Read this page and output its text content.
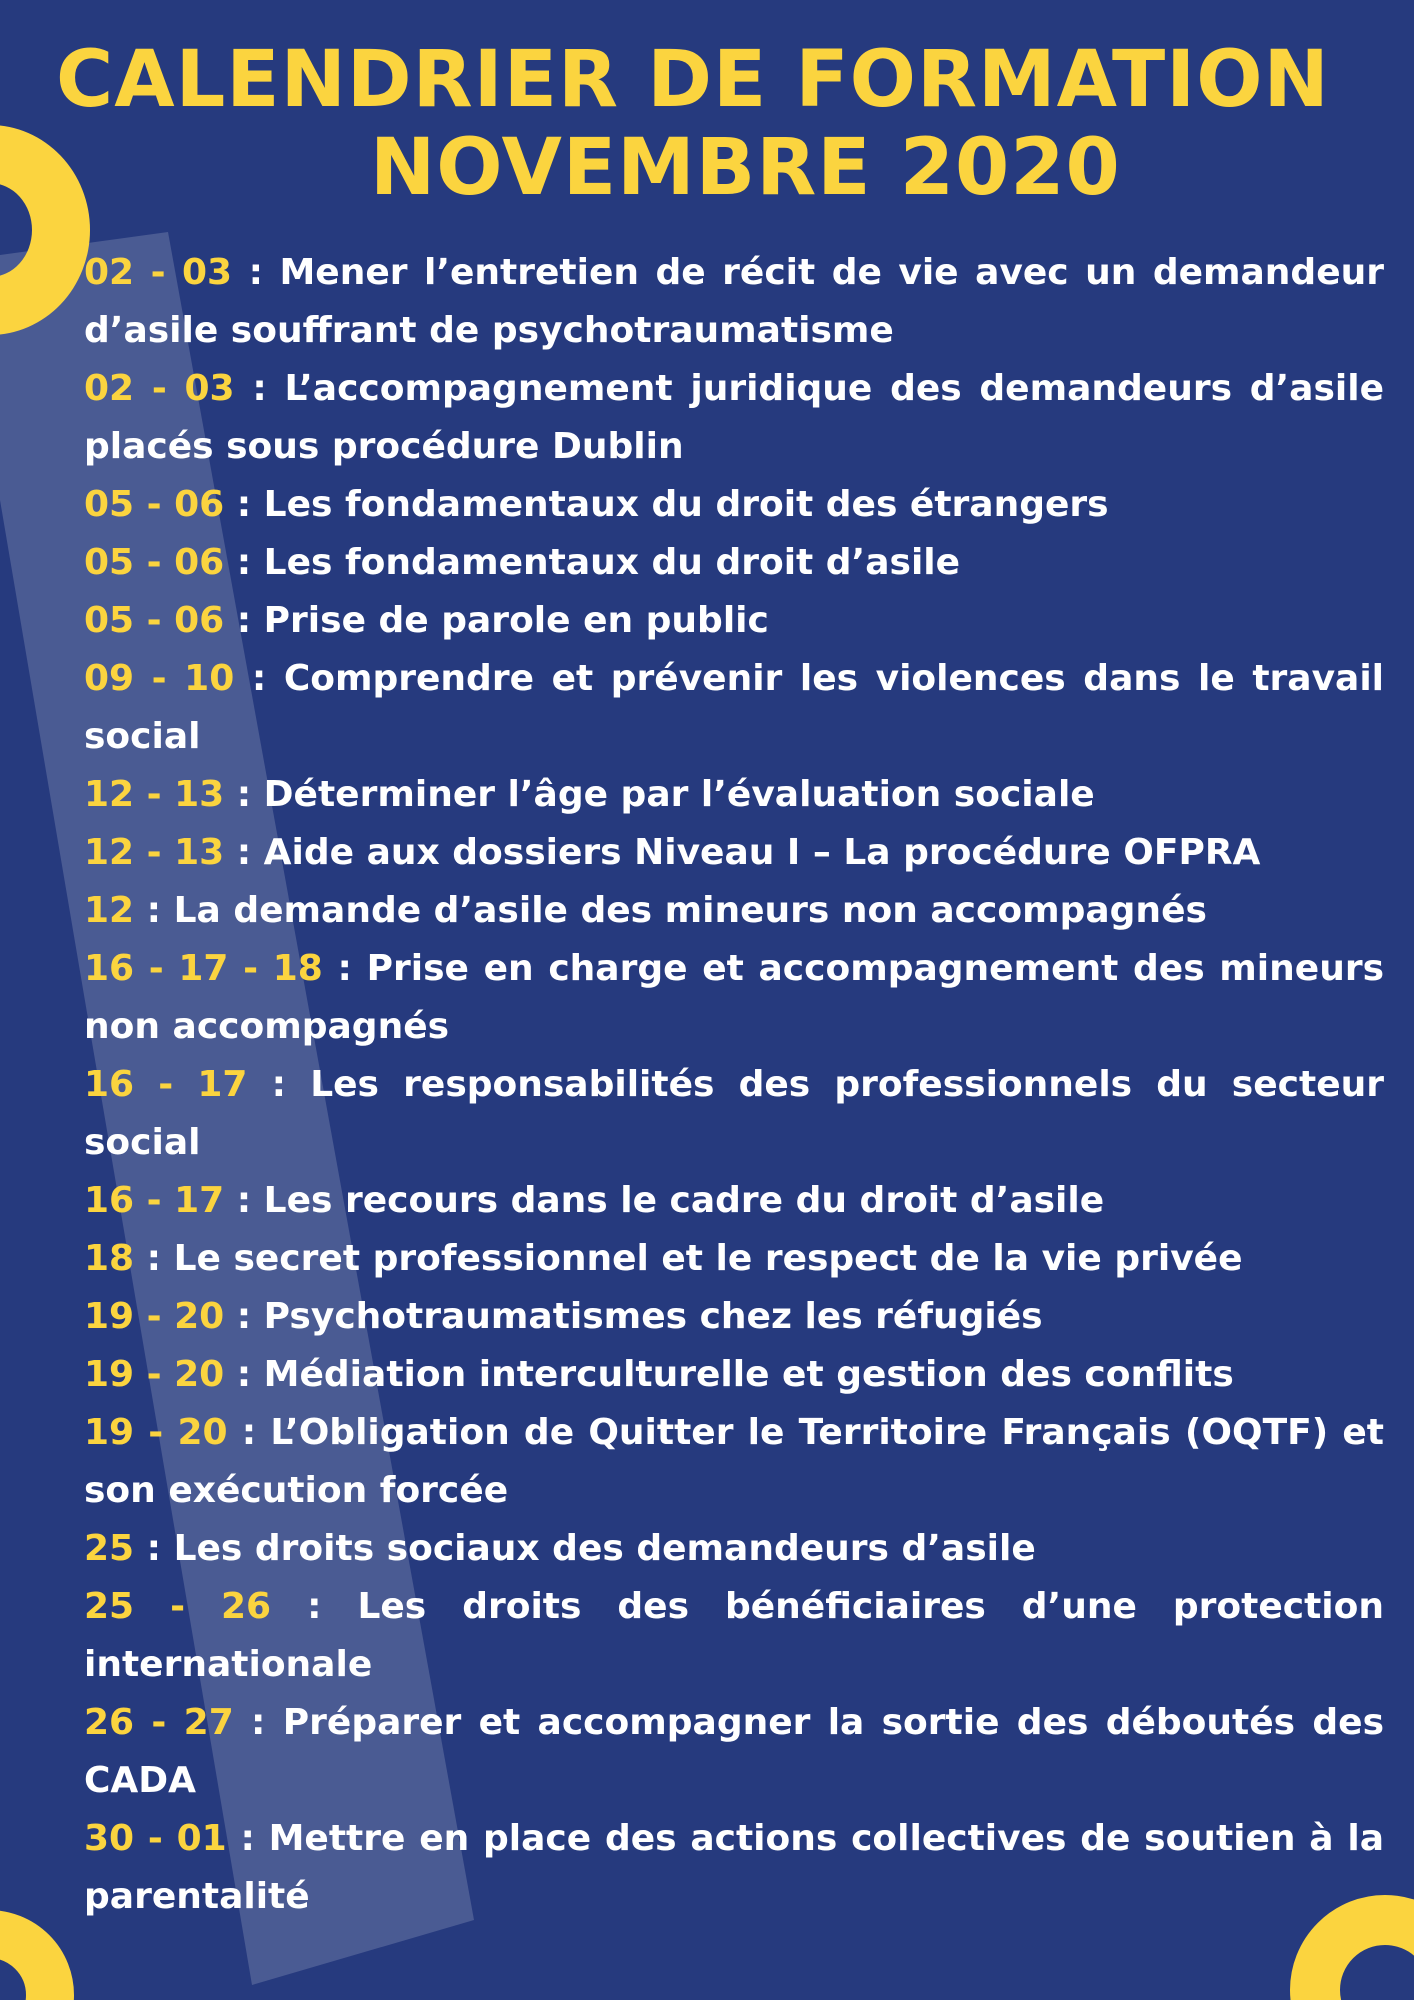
CALENDRIER DE FORMATION
NOVEMBRE 2020
02 - 03 : Mener l’entretien de récit de vie avec un demandeur d’asile souffrant de psychotraumatisme
02 - 03 : L’accompagnement juridique des demandeurs d’asile placés sous procédure Dublin
05 - 06 : Les fondamentaux du droit des étrangers
05 - 06 : Les fondamentaux du droit d’asile
05 - 06 : Prise de parole en public
09 - 10 : Comprendre et prévenir les violences dans le travail social
12 - 13 : Déterminer l’âge par l’évaluation sociale
12 - 13 : Aide aux dossiers Niveau I – La procédure OFPRA
12 : La demande d’asile des mineurs non accompagnés
16 - 17 - 18 : Prise en charge et accompagnement des mineurs non accompagnés
16 - 17 : Les responsabilités des professionnels du secteur social
16 - 17 : Les recours dans le cadre du droit d’asile
18 : Le secret professionnel et le respect de la vie privée
19 - 20 : Psychotraumatismes chez les réfugiés
19 - 20 : Médiation interculturelle et gestion des conflits
19 - 20 : L’Obligation de Quitter le Territoire Français (OQTF) et son exécution forcée
25 : Les droits sociaux des demandeurs d’asile
25 - 26 : Les droits des bénéficiaires d’une protection internationale
26 - 27 : Préparer et accompagner la sortie des déboutés des CADA
30 - 01 : Mettre en place des actions collectives de soutien à la parentalité
